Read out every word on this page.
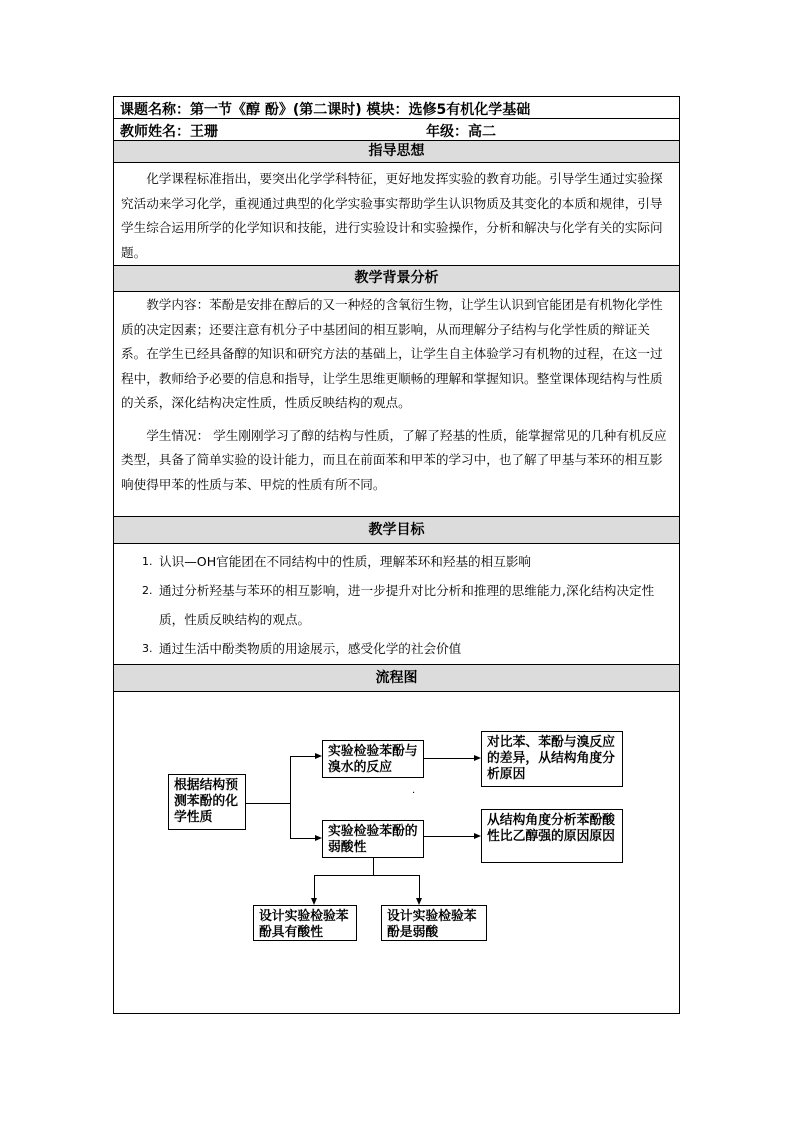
课题名称：第一节《醇 酚》(第二课时) 模块：选修5有机化学基础
教师姓名：王珊	年级：高二
指导思想

化学课程标准指出，要突出化学学科特征，更好地发挥实验的教育功能。引导学生通过实验探究活动来学习化学，重视通过典型的化学实验事实帮助学生认识物质及其变化的本质和规律，引导学生综合运用所学的化学知识和技能，进行实验设计和实验操作，分析和解决与化学有关的实际问题。

教学背景分析

教学内容：苯酚是安排在醇后的又一种烃的含氧衍生物，让学生认识到官能团是有机物化学性质的决定因素；还要注意有机分子中基团间的相互影响，从而理解分子结构与化学性质的辩证关系。在学生已经具备醇的知识和研究方法的基础上，让学生自主体验学习有机物的过程，在这一过程中，教师给予必要的信息和指导，让学生思维更顺畅的理解和掌握知识。整堂课体现结构与性质的关系，深化结构决定性质，性质反映结构的观点。

学生情况： 学生刚刚学习了醇的结构与性质，了解了羟基的性质，能掌握常见的几种有机反应类型，具备了简单实验的设计能力，而且在前面苯和甲苯的学习中，也了解了甲基与苯环的相互影响使得甲苯的性质与苯、甲烷的性质有所不同。

教学目标
1. 认识—OH官能团在不同结构中的性质，理解苯环和羟基的相互影响
2. 通过分析羟基与苯环的相互影响，进一步提升对比分析和推理的思维能力,深化结构决定性质，性质反映结构的观点。
3. 通过生活中酚类物质的用途展示，感受化学的社会价值
流程图
根据结构预测苯酚的化学性质
实验检验苯酚与溴水的反应
实验检验苯酚的弱酸性
对比苯、苯酚与溴反应的差异，从结构角度分析原因
从结构角度分析苯酚酸性比乙醇强的原因原因
设计实验检验苯酚具有酸性
设计实验检验苯酚是弱酸
.
